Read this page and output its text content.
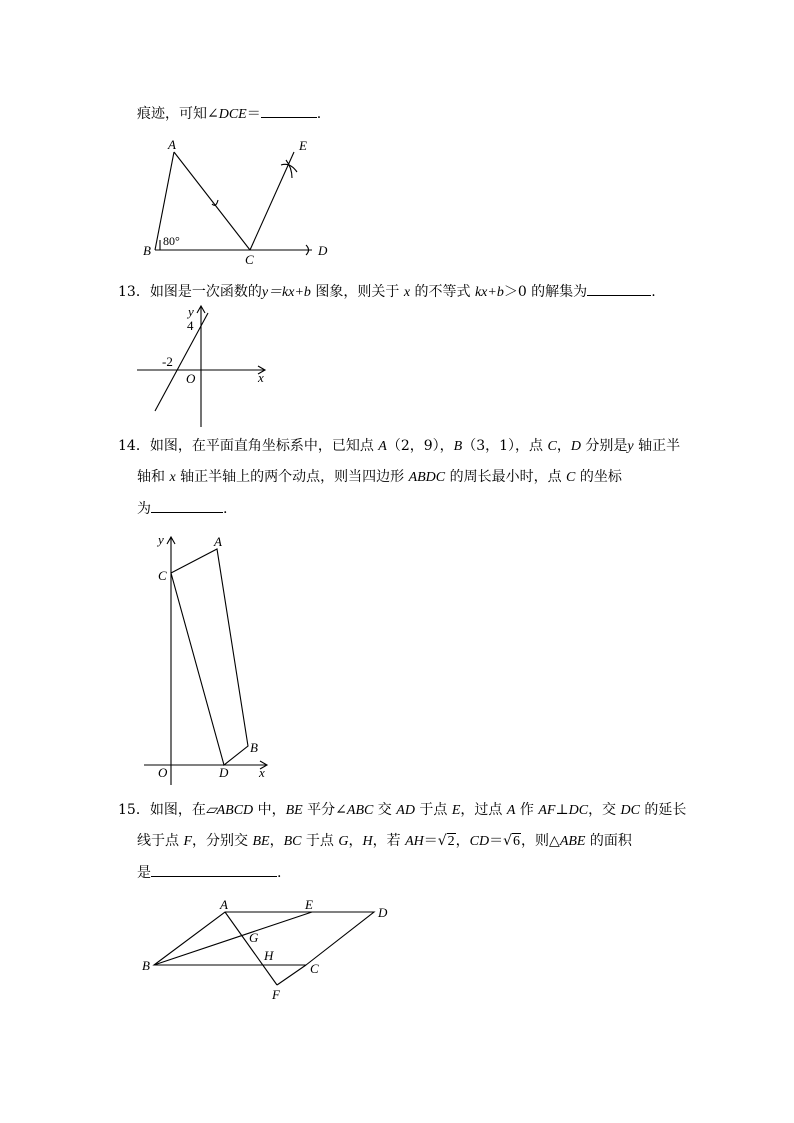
痕迹，可知∠DCE＝	.
A
B
C
D
E
80°
13．如图是一次函数的y＝kx+b 图象，则关于 x 的不等式 kx+b＞0 的解集为	.
y
4
-2
O	x
14．如图，在平面直角坐标系中，已知点 A（2，9），B（3，1），点 C，D 分别是y 轴正半
轴和 x 轴正半轴上的两个动点，则当四边形 ABDC 的周长最小时，点 C 的坐标
为	.
y	A
C
B
O	D x
15．如图，在▱ABCD 中，BE 平分∠ABC 交 AD 于点 E，过点 A 作 AF⊥DC，交 DC 的延长
线于点 F，分别交 BE，BC 于点 G，H，若 AH＝√2，CD＝√6，则△ABE 的面积
是	.
A	E
D
G
B
H
C
F
